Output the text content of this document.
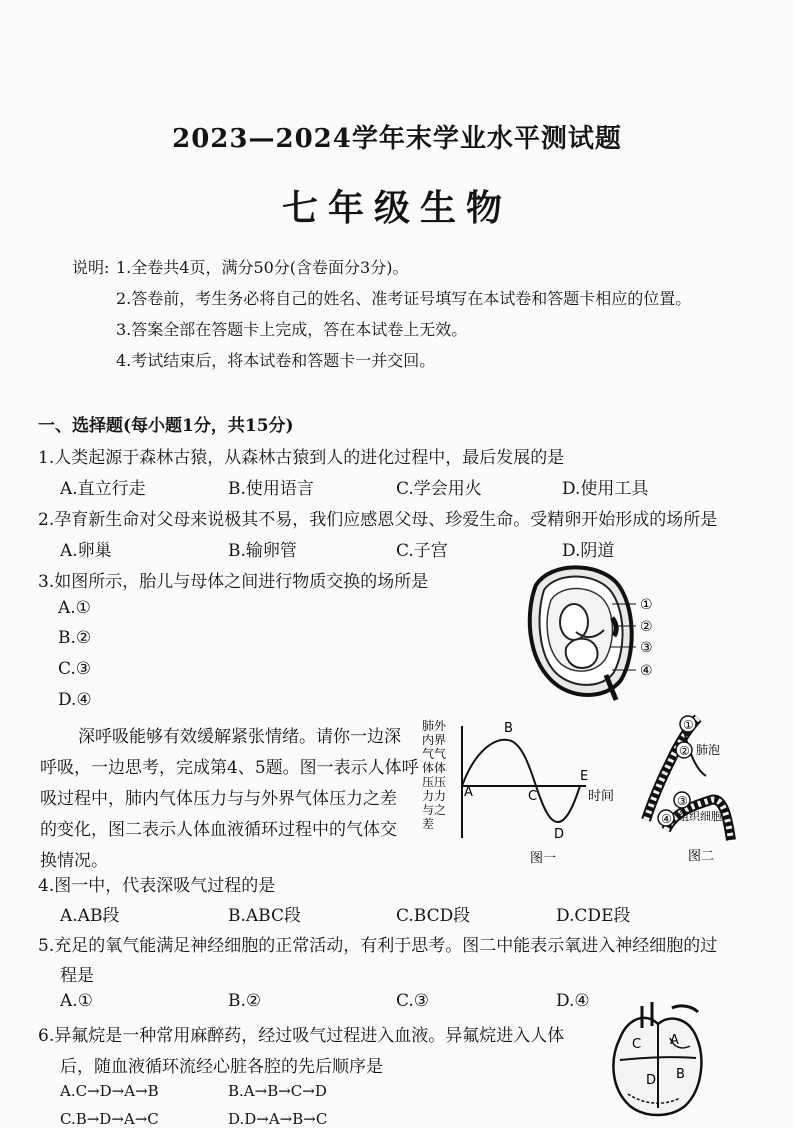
2023—2024学年末学业水平测试题
七年级生物
说明: 1.全卷共4页，满分50分(含卷面分3分)。
2.答卷前，考生务必将自己的姓名、准考证号填写在本试卷和答题卡相应的位置。
3.答案全部在答题卡上完成，答在本试卷上无效。
4.考试结束后，将本试卷和答题卡一并交回。
一、选择题(每小题1分，共15分)
1.人类起源于森林古猿，从森林古猿到人的进化过程中，最后发展的是
A.直立行走	B.使用语言	C.学会用火	D.使用工具
2.孕育新生命对父母来说极其不易，我们应感恩父母、珍爱生命。受精卵开始形成的场所是
A.卵巢	B.输卵管	C.子宫	D.阴道
3.如图所示，胎儿与母体之间进行物质交换的场所是
A.①
B.②
C.③
D.④
①
②
③
④
深呼吸能够有效缓解紧张情绪。请你一边深
呼吸，一边思考，完成第4、5题。图一表示人体呼
吸过程中，肺内气体压力与与外界气体压力之差
的变化，图二表示人体血液循环过程中的气体交
换情况。
肺外 内界 气气 体体 压压 力力 与之 差
A
B
C
D
E
时间
图一
①
② 肺泡
③
④ 组织细胞
图二
4.图一中，代表深吸气过程的是
A.AB段	B.ABC段	C.BCD段	D.CDE段
5.充足的氧气能满足神经细胞的正常活动，有利于思考。图二中能表示氧进入神经细胞的过
程是
A.①	B.②	C.③	D.④
6.异氟烷是一种常用麻醉药，经过吸气过程进入血液。异氟烷进入人体
后，随血液循环流经心脏各腔的先后顺序是
A.C→D→A→B	B.A→B→C→D
C.B→D→A→C	D.D→A→B→C
A
B
C
D
